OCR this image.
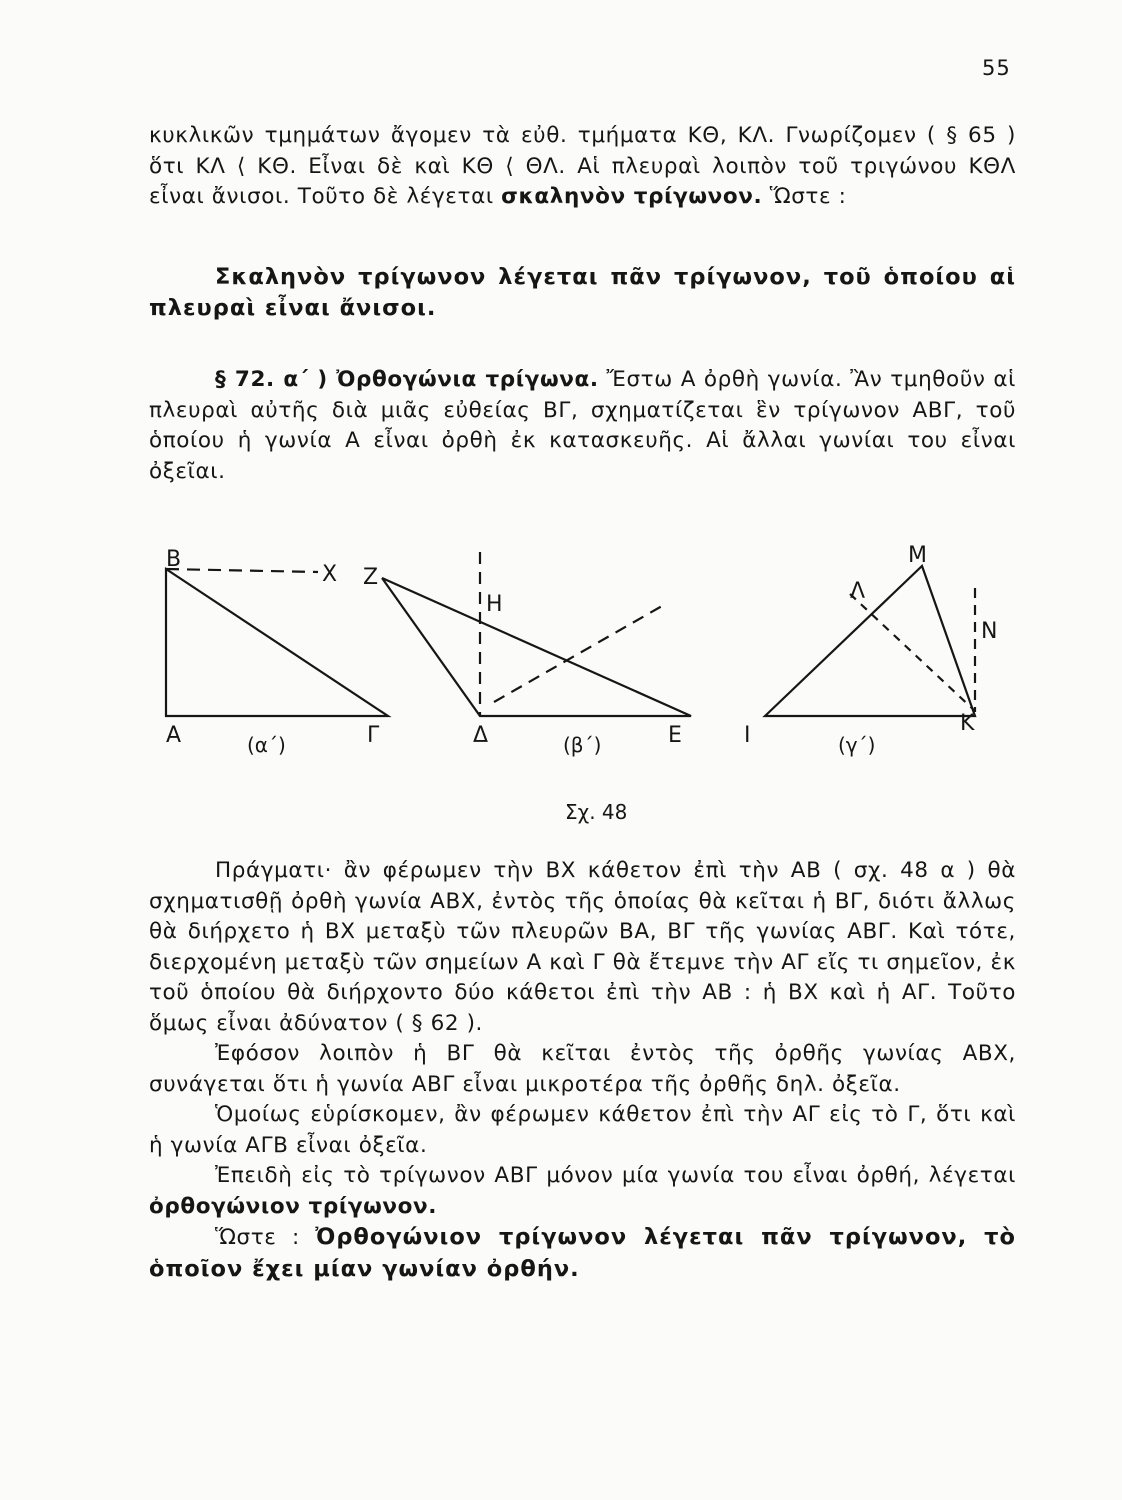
55

κυκλικῶν τμημάτων ἄγομεν τὰ εὐθ. τμήματα ΚΘ, ΚΛ. Γνωρίζομεν ( § 65 ) ὅτι ΚΛ ⟨ ΚΘ. Εἶναι δὲ καὶ ΚΘ ⟨ ΘΛ. Αἱ πλευραὶ λοιπὸν τοῦ τριγώνου ΚΘΛ εἶναι ἄνισοι. Τοῦτο δὲ λέγεται σκαληνὸν τρίγωνον. Ὥστε :

Σκαληνὸν τρίγωνον λέγεται πᾶν τρίγωνον, τοῦ ὁποίου αἱ πλευραὶ εἶναι ἄνισοι.

§ 72. α΄ ) Ὀρθογώνια τρίγωνα. Ἔστω Α ὀρθὴ γωνία. Ἂν τμηθοῦν αἱ πλευραὶ αὐτῆς διὰ μιᾶς εὐθείας ΒΓ, σχηματίζεται ἓν τρίγωνον ΑΒΓ, τοῦ ὁποίου ἡ γωνία Α εἶναι ὀρθὴ ἐκ κατασκευῆς. Αἱ ἄλλαι γωνίαι του εἶναι ὀξεῖαι.

B
X
A	Γ
Z
H
Δ	E
M
Λ
N
I	K
(α΄)	(β΄)	(γ΄)
Σχ. 48

Πράγματι· ἂν φέρωμεν τὴν ΒΧ κάθετον ἐπὶ τὴν ΑΒ ( σχ. 48 α ) θὰ σχηματισθῇ ὀρθὴ γωνία ΑΒΧ, ἐντὸς τῆς ὁποίας θὰ κεῖται ἡ ΒΓ, διότι ἄλλως θὰ διήρχετο ἡ ΒΧ μεταξὺ τῶν πλευρῶν ΒΑ, ΒΓ τῆς γωνίας ΑΒΓ. Καὶ τότε, διερχομένη μεταξὺ τῶν σημείων Α καὶ Γ θὰ ἔτεμνε τὴν ΑΓ εἴς τι σημεῖον, ἐκ τοῦ ὁποίου θὰ διήρχοντο δύο κάθετοι ἐπὶ τὴν ΑΒ : ἡ ΒΧ καὶ ἡ ΑΓ. Τοῦτο ὅμως εἶναι ἀδύνατον ( § 62 ).

Ἐφόσον λοιπὸν ἡ ΒΓ θὰ κεῖται ἐντὸς τῆς ὀρθῆς γωνίας ΑΒΧ, συνάγεται ὅτι ἡ γωνία ΑΒΓ εἶναι μικροτέρα τῆς ὀρθῆς δηλ. ὀξεῖα.

Ὁμοίως εὑρίσκομεν, ἂν φέρωμεν κάθετον ἐπὶ τὴν ΑΓ εἰς τὸ Γ, ὅτι καὶ ἡ γωνία ΑΓΒ εἶναι ὀξεῖα.

Ἐπειδὴ εἰς τὸ τρίγωνον ΑΒΓ μόνον μία γωνία του εἶναι ὀρθή, λέγεται ὀρθογώνιον τρίγωνον.

Ὥστε : Ὀρθογώνιον τρίγωνον λέγεται πᾶν τρίγωνον, τὸ ὁποῖον ἔχει μίαν γωνίαν ὀρθήν.
